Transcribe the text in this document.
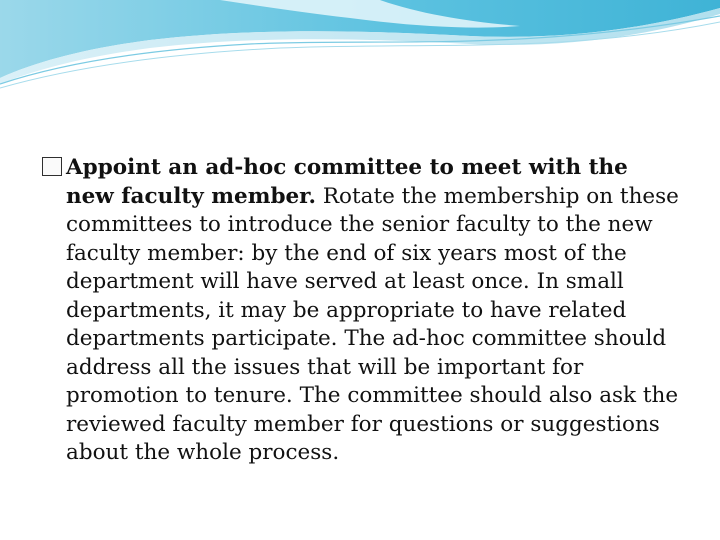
Appoint an ad-hoc committee to meet with the new faculty member. Rotate the membership on these committees to introduce the senior faculty to the new faculty member: by the end of six years most of the department will have served at least once. In small departments, it may be appropriate to have related departments participate. The ad-hoc committee should address all the issues that will be important for promotion to tenure. The committee should also ask the reviewed faculty member for questions or suggestions about the whole process.
